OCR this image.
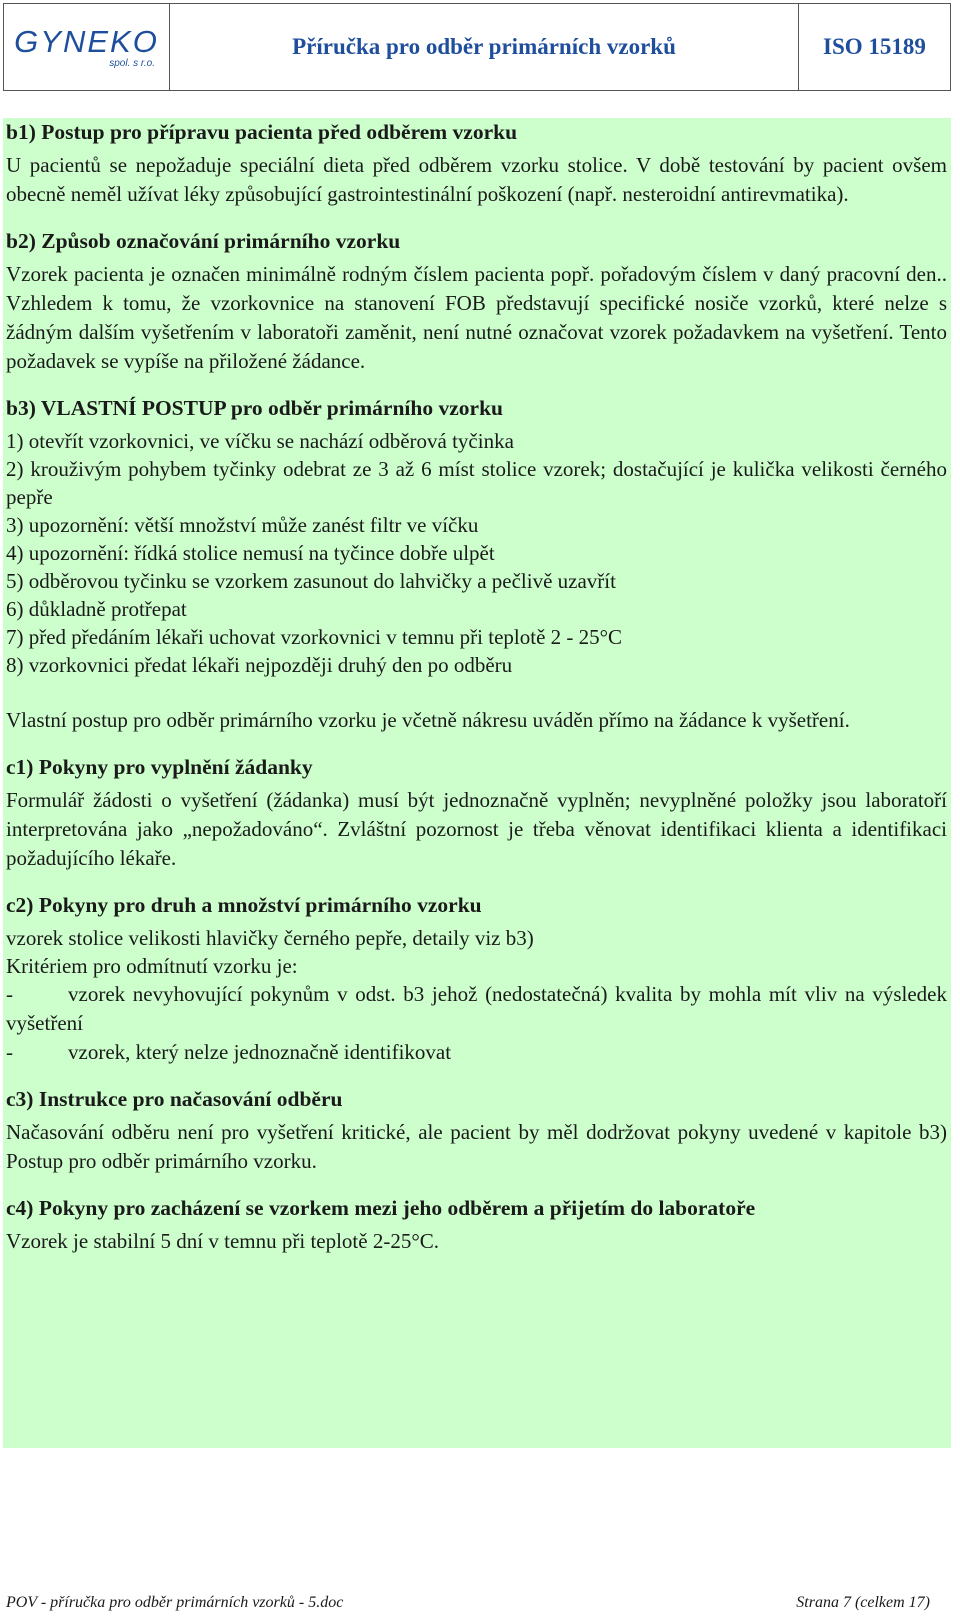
GYNEKO
spol. s r.o.
Příručka pro odběr primárních vzorků	ISO 15189
b1) Postup pro přípravu pacienta před odběrem vzorku

U pacientů se nepožaduje speciální dieta před odběrem vzorku stolice. V době testování by pacient ovšem obecně neměl užívat léky způsobující gastrointestinální poškození (např. nesteroidní antirevmatika).

b2) Způsob označování primárního vzorku

Vzorek pacienta je označen minimálně rodným číslem pacienta popř. pořadovým číslem v daný pracovní den.. Vzhledem k tomu, že vzorkovnice na stanovení FOB představují specifické nosiče vzorků, které nelze s žádným dalším vyšetřením v laboratoři zaměnit, není nutné označovat vzorek požadavkem na vyšetření. Tento požadavek se vypíše na přiložené žádance.

b3) VLASTNÍ POSTUP pro odběr primárního vzorku

1) otevřít vzorkovnici, ve víčku se nachází odběrová tyčinka

2) krouživým pohybem tyčinky odebrat ze 3 až 6 míst stolice vzorek; dostačující je kulička velikosti černého pepře

3) upozornění: větší množství může zanést filtr ve víčku

4) upozornění: řídká stolice nemusí na tyčince dobře ulpět

5) odběrovou tyčinku se vzorkem zasunout do lahvičky a pečlivě uzavřít

6) důkladně protřepat

7) před předáním lékaři uchovat vzorkovnici v temnu při teplotě 2 - 25°C

8) vzorkovnici předat lékaři nejpozději druhý den po odběru

Vlastní postup pro odběr primárního vzorku je včetně nákresu uváděn přímo na žádance k vyšetření.

c1) Pokyny pro vyplnění žádanky

Formulář žádosti o vyšetření (žádanka) musí být jednoznačně vyplněn; nevyplněné položky jsou laboratoří interpretována jako „nepožadováno“. Zvláštní pozornost je třeba věnovat identifikaci klienta a identifikaci požadujícího lékaře.

c2) Pokyny pro druh a množství primárního vzorku

vzorek stolice velikosti hlavičky černého pepře, detaily viz b3)

Kritériem pro odmítnutí vzorku je:

-	vzorek nevyhovující pokynům v odst. b3 jehož (nedostatečná) kvalita by mohla mít vliv na výsledek vyšetření

-	vzorek, který nelze jednoznačně identifikovat

c3) Instrukce pro načasování odběru

Načasování odběru není pro vyšetření kritické, ale pacient by měl dodržovat pokyny uvedené v kapitole b3) Postup pro odběr primárního vzorku.

c4) Pokyny pro zacházení se vzorkem mezi jeho odběrem a přijetím do laboratoře

Vzorek je stabilní 5 dní v temnu při teplotě 2-25°C.

POV - příručka pro odběr primárních vzorků - 5.doc	Strana 7 (celkem 17)
